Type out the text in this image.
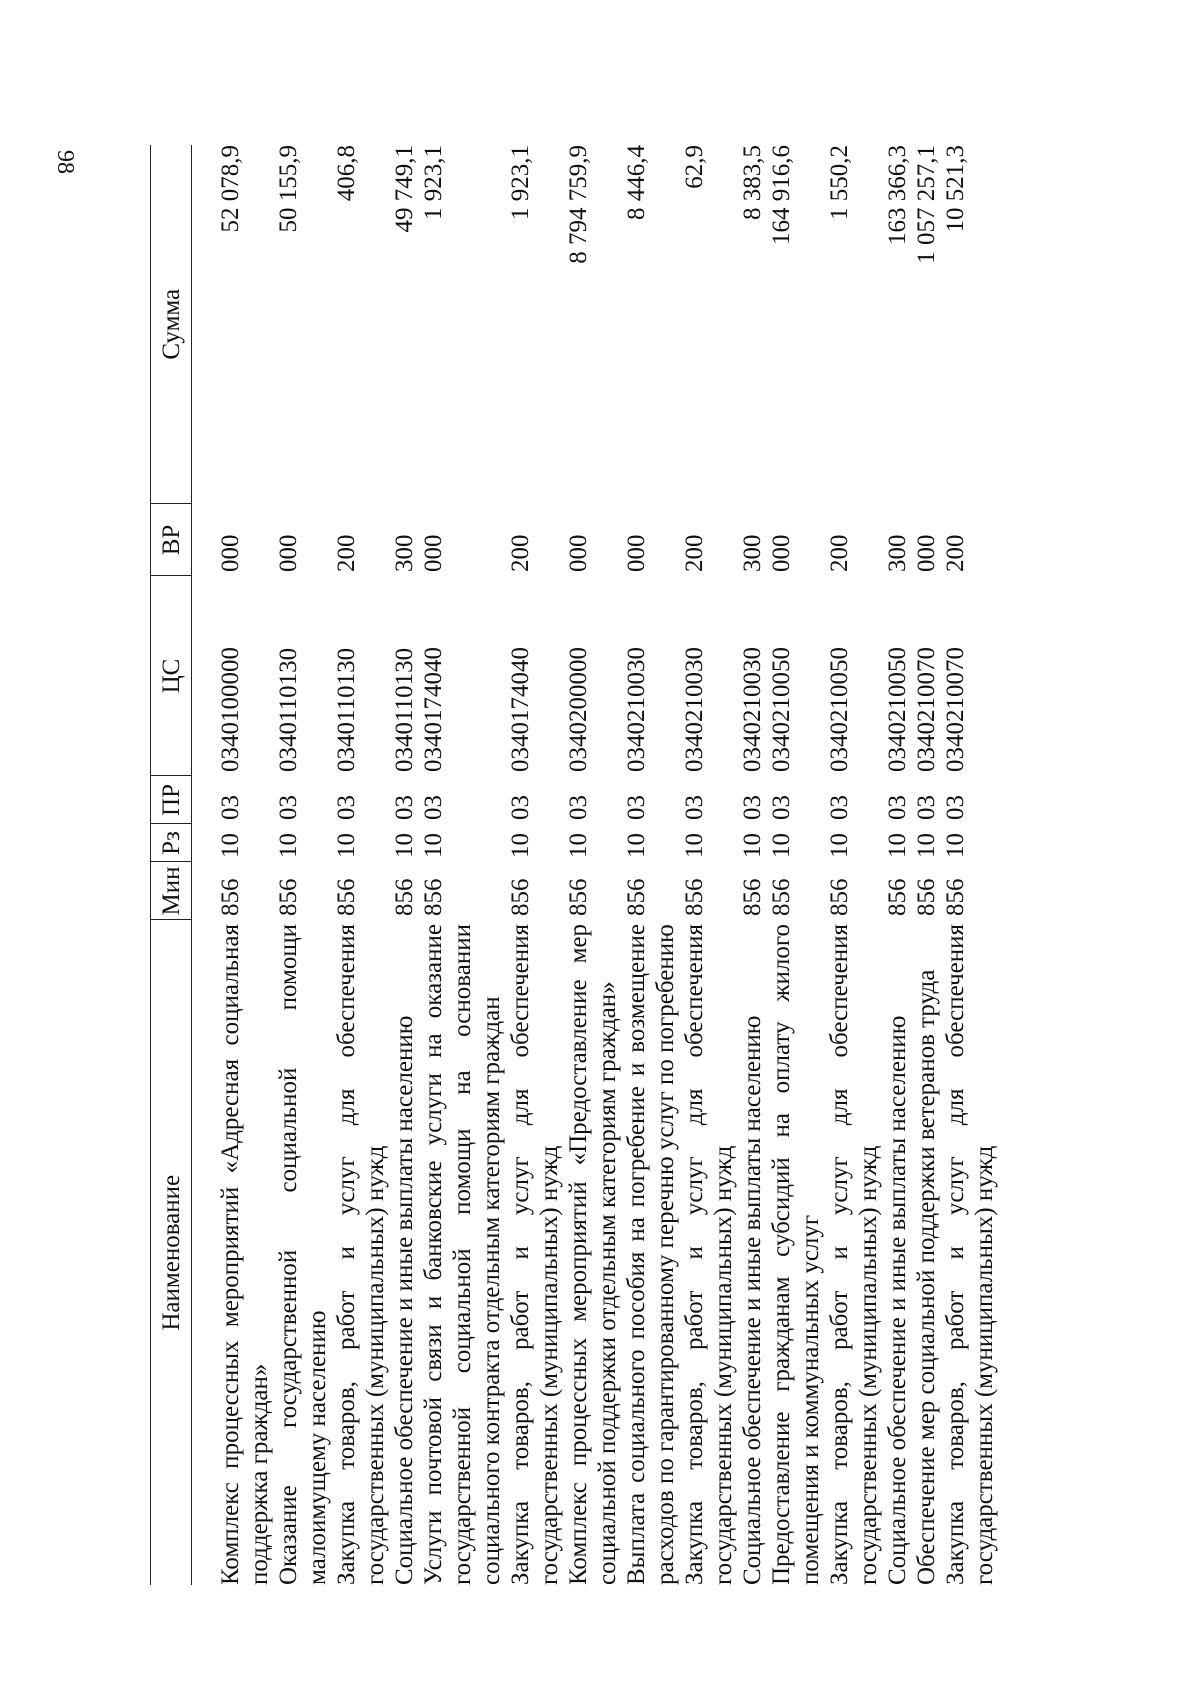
98
Наименование	Мин	Рз	ПР	ЦС	ВР	Сумма
Комплекс процессных мероприятий «Адресная социальная поддержка граждан»	856	10	03	0340100000	000	52 078,9
Оказание государственной социальной помощи малоимущему населению	856	10	03	0340110130	000	50 155,9
Закупка товаров, работ и услуг для обеспечения государственных (муниципальных) нужд	856	10	03	0340110130	200	406,8
Социальное обеспечение и иные выплаты населению	856	10	03	0340110130	300	49 749,1
Услуги почтовой связи и банковские услуги на оказание государственной социальной помощи на основании социального контракта отдельным категориям граждан	856	10	03	0340174040	000	1 923,1
Закупка товаров, работ и услуг для обеспечения государственных (муниципальных) нужд	856	10	03	0340174040	200	1 923,1
Комплекс процессных мероприятий «Предоставление мер социальной поддержки отдельным категориям граждан»	856	10	03	0340200000	000	8 794 759,9
Выплата социального пособия на погребение и возмещение расходов по гарантированному перечню услуг по погребению	856	10	03	0340210030	000	8 446,4
Закупка товаров, работ и услуг для обеспечения государственных (муниципальных) нужд	856	10	03	0340210030	200	62,9
Социальное обеспечение и иные выплаты населению	856	10	03	0340210030	300	8 383,5
Предоставление гражданам субсидий на оплату жилого помещения и коммунальных услуг	856	10	03	0340210050	000	164 916,6
Закупка товаров, работ и услуг для обеспечения государственных (муниципальных) нужд	856	10	03	0340210050	200	1 550,2
Социальное обеспечение и иные выплаты населению	856	10	03	0340210050	300	163 366,3
Обеспечение мер социальной поддержки ветеранов труда	856	10	03	0340210070	000	1 057 257,1
Закупка товаров, работ и услуг для обеспечения государственных (муниципальных) нужд	856	10	03	0340210070	200	10 521,3
